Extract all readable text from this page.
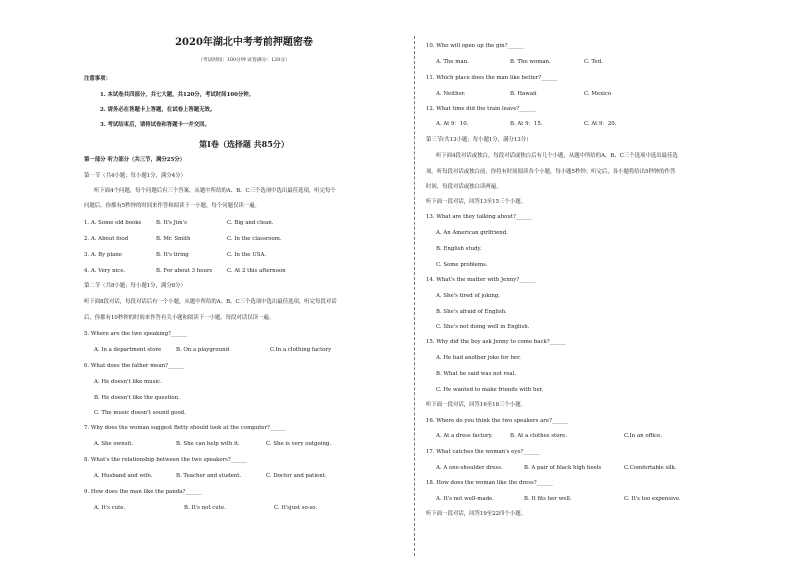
2020年湖北中考考前押题密卷
（考试时间：100分钟 试卷满分：120分）
注意事项：
1. 本试卷共四部分，共七大题，共120分，考试时间100分钟。
2. 请务必在答题卡上答题，在试卷上答题无效。
3. 考试结束后，请将试卷和答题卡一并交回。
第Ⅰ卷（选择题 共85分）
第一部分 听力部分（共三节，满分25分）
第一节（共4小题；每小题1分，满分4分）
听下面4个问题，每个问题后有三个答案，从题中所给的A、B、C三个选项中选出最佳选项，听完每个
问题后，你都有5秒钟的时间来作答和阅读下一小题。每个问题仅读一遍。
1. A. Some old books	B. It's Jim's	C. Big and clean.
2. A. About food	B. Mr. Smith	C. In the classroom.
3. A. By plane	B. It's tiring	C. In the USA.
4. A. Very nice.	B. For about 3 hours	C. At 2 this afternoon
第二节（共8小题；每小题1分，满分8分）
听下面8段对话，每段对话后有一个小题，从题中所给的A、B、C三个选项中选出最佳选项，听完每段对话
后，你都有10秒钟的时间来作答有关小题和阅读下一小题。每段对话仅读一遍。
5. Where are the two speaking?______
A. In a department store	B. On a playground	C.In a clothing factory
6. What does the father mean?______
A. He doesn't like music.
B. He doesn't like the question.
C. The music doesn't sound good.
7. Why does the woman suggest Betty should look at the computer?______
A. She ownsit.	B. She can help with it.	C. She is very outgoing.
8. What's the relationship between the two speakers?______
A. Husband and wife.	B. Teacher and student.	C. Doctor and patient.
9. How does the man like the panda?______
A. It's cute.	B. It's not cute.	C. It'sjust so-so.
10. Who will open up the gin?______
A. The man.	B. The woman.	C. Ted.
11. Which place does the man like better?______
A. Neither.	B. Hawaii	C. Mexico
12. What time did the train leave?______
A. At 9：10.	B. At 9：15.	C. At 9：20.
第三节(共13小题；每小题1分，满分13分）
听下面4段对话或独白，每段对话或独白后有几个小题，从题中所给的A、B、C三个选项中选出最佳选
项。听每段对话或独白前，你将有时间阅读各个小题，每小题5秒钟；听完后，各小题将给出5秒钟的作答
时间，每段对话或独白读两遍。
听下面一段对话，回答13至15三个小题。
13. What are they talking about?______
A. An American girlfriend.
B. English study.
C. Some problems.
14. What's the matter with Jenny?______
A. She's tired of joking.
B. She's afraid of English.
C. She's not doing well in English.
15. Why did the boy ask Jenny to come back?______
A. He had another joke for her.
B. What he said was not real.
C. He wanted to make friends with her.
听下面一段对话，回答16至18三个小题。
16. Where do you think the two speakers are?______
A. At a dress factory.	B. At a clothes store.	C.In an office.
17. What catches the woman's eye?______
A. A one-shoulder dress.	B. A pair of black high heels	C.Comfortable silk.
18. How does the woman like the dress?______
A. It's not well-made.	B. It fits her well.	C. It's too expensive.
听下面一段对话，回答19至22四个小题。
